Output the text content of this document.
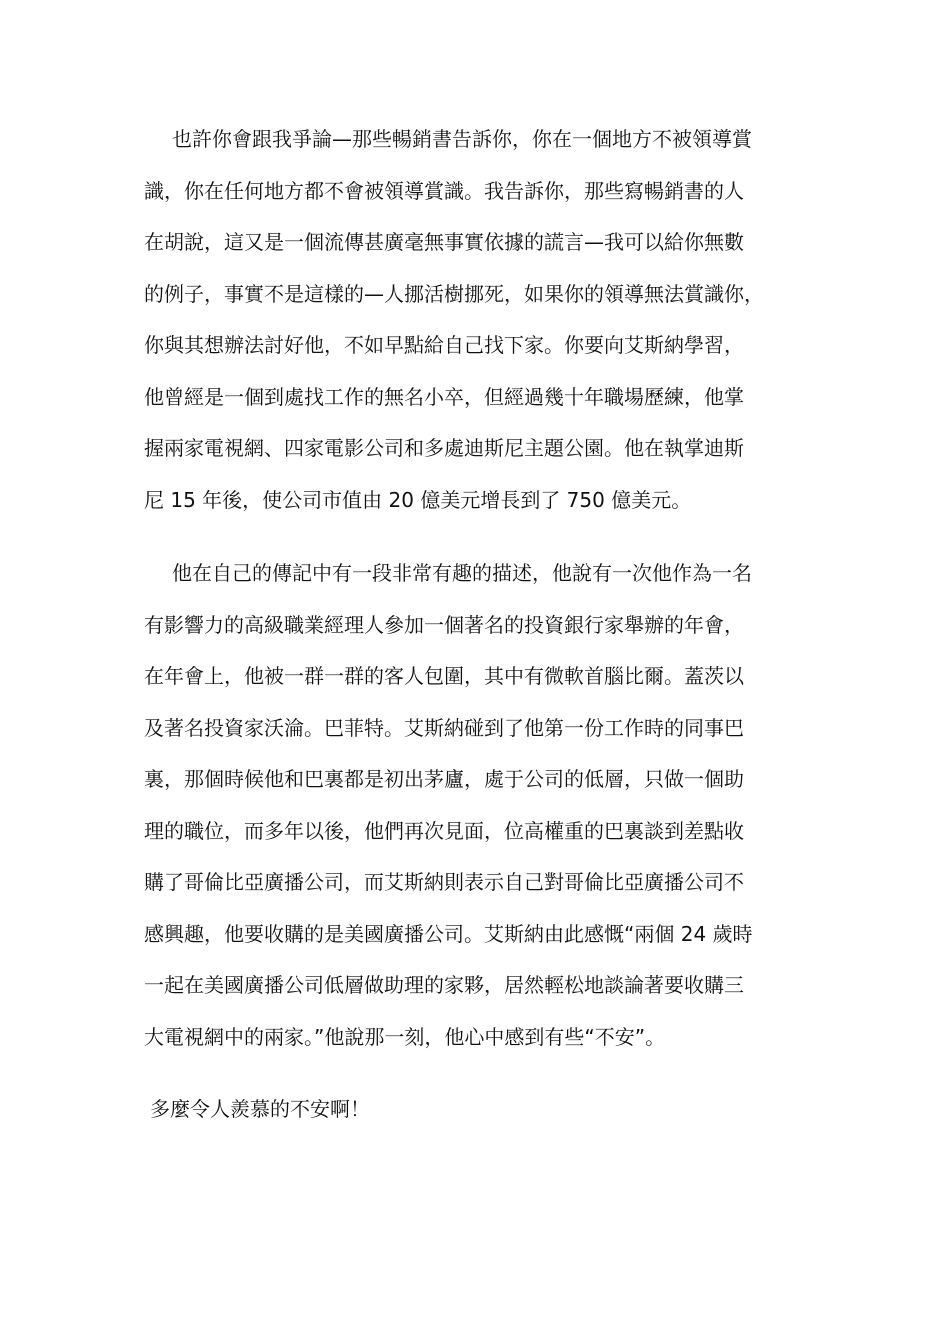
也許你會跟我爭論—那些暢銷書告訴你，你在一個地方不被領導賞
識，你在任何地方都不會被領導賞識。我告訴你，那些寫暢銷書的人
在胡說，這又是一個流傳甚廣毫無事實依據的謊言—我可以給你無數
的例子，事實不是這樣的—人挪活樹挪死，如果你的領導無法賞識你，
你與其想辦法討好他，不如早點給自己找下家。你要向艾斯納學習，
他曾經是一個到處找工作的無名小卒，但經過幾十年職場歷練，他掌
握兩家電視網、四家電影公司和多處迪斯尼主題公園。他在執掌迪斯
尼 15 年後，使公司市值由 20 億美元增長到了 750 億美元。
他在自己的傳記中有一段非常有趣的描述，他說有一次他作為一名
有影響力的高級職業經理人參加一個著名的投資銀行家舉辦的年會，
在年會上，他被一群一群的客人包圍，其中有微軟首腦比爾。蓋茨以
及著名投資家沃淪。巴菲特。艾斯納碰到了他第一份工作時的同事巴
裏，那個時候他和巴裏都是初出茅廬，處于公司的低層，只做一個助
理的職位，而多年以後，他們再次見面，位高權重的巴裏談到差點收
購了哥倫比亞廣播公司，而艾斯納則表示自己對哥倫比亞廣播公司不
感興趣，他要收購的是美國廣播公司。艾斯納由此感慨“兩個 24 歲時
一起在美國廣播公司低層做助理的家夥，居然輕松地談論著要收購三
大電視網中的兩家。”他說那一刻，他心中感到有些“不安”。
多麼令人羨慕的不安啊！
